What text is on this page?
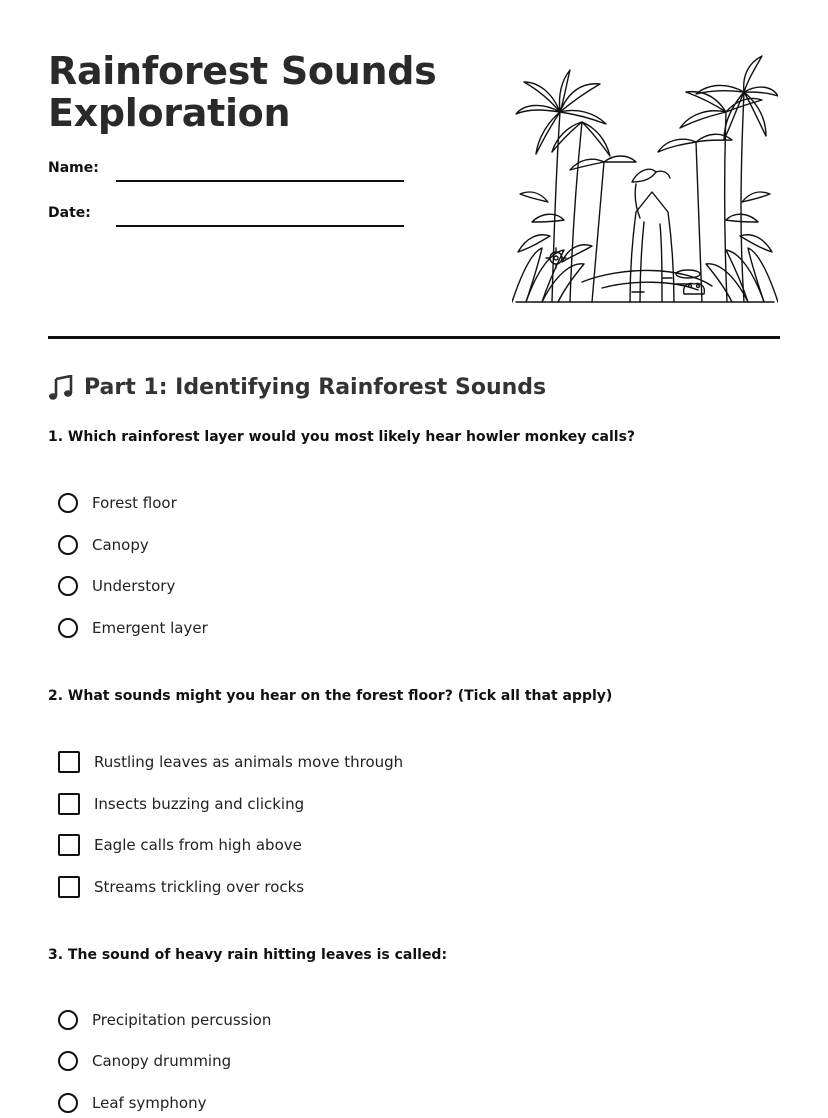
Rainforest Sounds
Exploration
Name:
Date:
Part 1: Identifying Rainforest Sounds

1. Which rainforest layer would you most likely hear howler monkey calls?

Forest floor
Canopy
Understory
Emergent layer

2. What sounds might you hear on the forest floor? (Tick all that apply)

Rustling leaves as animals move through
Insects buzzing and clicking
Eagle calls from high above
Streams trickling over rocks

3. The sound of heavy rain hitting leaves is called:

Precipitation percussion
Canopy drumming
Leaf symphony
